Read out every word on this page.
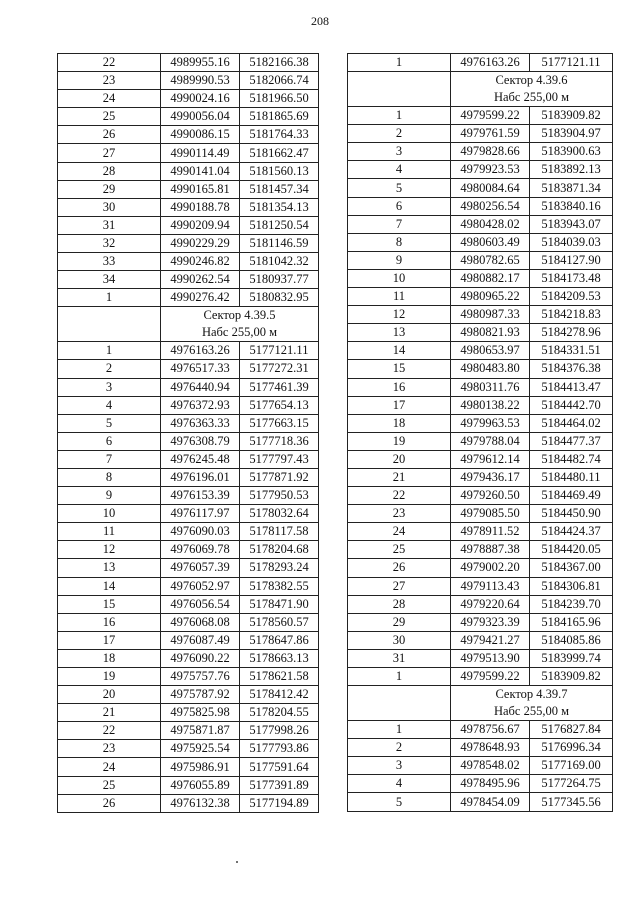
208
22	4989955.16	5182166.38
23	4989990.53	5182066.74
24	4990024.16	5181966.50
25	4990056.04	5181865.69
26	4990086.15	5181764.33
27	4990114.49	5181662.47
28	4990141.04	5181560.13
29	4990165.81	5181457.34
30	4990188.78	5181354.13
31	4990209.94	5181250.54
32	4990229.29	5181146.59
33	4990246.82	5181042.32
34	4990262.54	5180937.77
1	4990276.42	5180832.95

	Сектор 4.39.5
Набс 255,00 м	

1	4976163.26	5177121.11
2	4976517.33	5177272.31
3	4976440.94	5177461.39
4	4976372.93	5177654.13
5	4976363.33	5177663.15
6	4976308.79	5177718.36
7	4976245.48	5177797.43
8	4976196.01	5177871.92
9	4976153.39	5177950.53
10	4976117.97	5178032.64
11	4976090.03	5178117.58
12	4976069.78	5178204.68
13	4976057.39	5178293.24
14	4976052.97	5178382.55
15	4976056.54	5178471.90
16	4976068.08	5178560.57
17	4976087.49	5178647.86
18	4976090.22	5178663.13
19	4975757.76	5178621.58
20	4975787.92	5178412.42
21	4975825.98	5178204.55
22	4975871.87	5177998.26
23	4975925.54	5177793.86
24	4975986.91	5177591.64
25	4976055.89	5177391.89
26	4976132.38	5177194.89
1	4976163.26	5177121.11

	Сектор 4.39.6
Набс 255,00 м	

1	4979599.22	5183909.82
2	4979761.59	5183904.97
3	4979828.66	5183900.63
4	4979923.53	5183892.13
5	4980084.64	5183871.34
6	4980256.54	5183840.16
7	4980428.02	5183943.07
8	4980603.49	5184039.03
9	4980782.65	5184127.90
10	4980882.17	5184173.48
11	4980965.22	5184209.53
12	4980987.33	5184218.83
13	4980821.93	5184278.96
14	4980653.97	5184331.51
15	4980483.80	5184376.38
16	4980311.76	5184413.47
17	4980138.22	5184442.70
18	4979963.53	5184464.02
19	4979788.04	5184477.37
20	4979612.14	5184482.74
21	4979436.17	5184480.11
22	4979260.50	5184469.49
23	4979085.50	5184450.90
24	4978911.52	5184424.37
25	4978887.38	5184420.05
26	4979002.20	5184367.00
27	4979113.43	5184306.81
28	4979220.64	5184239.70
29	4979323.39	5184165.96
30	4979421.27	5184085.86
31	4979513.90	5183999.74
1	4979599.22	5183909.82

	Сектор 4.39.7
Набс 255,00 м	

1	4978756.67	5176827.84
2	4978648.93	5176996.34
3	4978548.02	5177169.00
4	4978495.96	5177264.75
5	4978454.09	5177345.56
